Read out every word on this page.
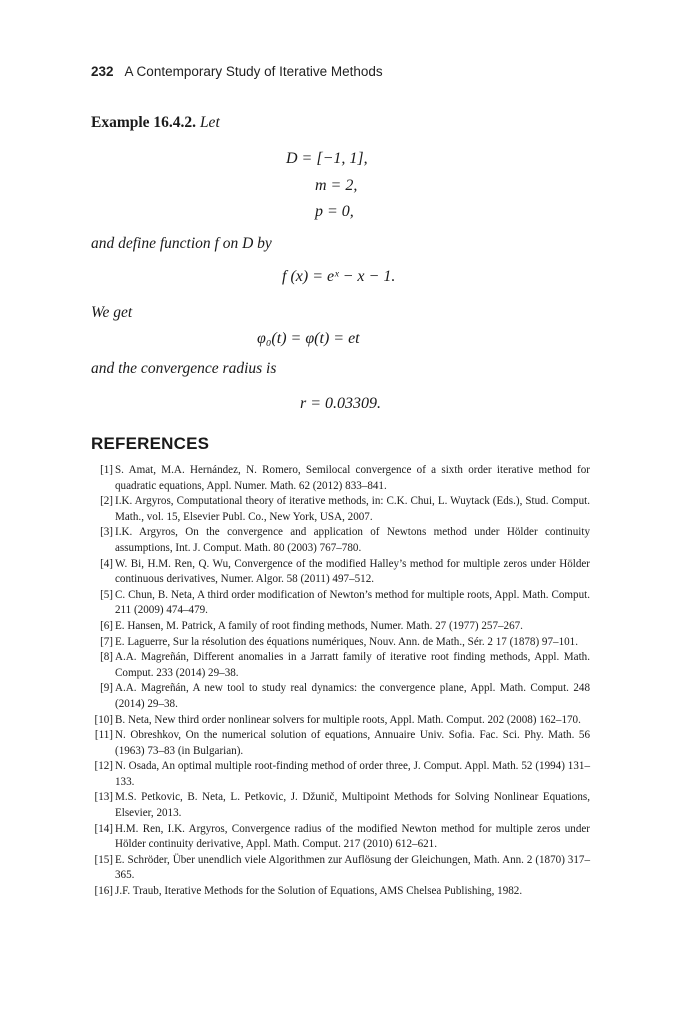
232 A Contemporary Study of Iterative Methods
Example 16.4.2. Let
D = [−1, 1],
m = 2,
p = 0,
and define function f on D by
f (x) = eˣ − x − 1.
We get
φ₀(t) = φ(t) = et
and the convergence radius is
r = 0.03309.
REFERENCES
[1] S. Amat, M.A. Hernández, N. Romero, Semilocal convergence of a sixth order iterative method for quadratic equations, Appl. Numer. Math. 62 (2012) 833–841.
[2] I.K. Argyros, Computational theory of iterative methods, in: C.K. Chui, L. Wuytack (Eds.), Stud. Comput. Math., vol. 15, Elsevier Publ. Co., New York, USA, 2007.
[3] I.K. Argyros, On the convergence and application of Newtons method under Hölder continuity assumptions, Int. J. Comput. Math. 80 (2003) 767–780.
[4] W. Bi, H.M. Ren, Q. Wu, Convergence of the modified Halley’s method for multiple zeros under Hölder continuous derivatives, Numer. Algor. 58 (2011) 497–512.
[5] C. Chun, B. Neta, A third order modification of Newton’s method for multiple roots, Appl. Math. Comput. 211 (2009) 474–479.
[6] E. Hansen, M. Patrick, A family of root finding methods, Numer. Math. 27 (1977) 257–267.
[7] E. Laguerre, Sur la résolution des équations numériques, Nouv. Ann. de Math., Sér. 2 17 (1878) 97–101.
[8] A.A. Magreñán, Different anomalies in a Jarratt family of iterative root finding methods, Appl. Math. Comput. 233 (2014) 29–38.
[9] A.A. Magreñán, A new tool to study real dynamics: the convergence plane, Appl. Math. Comput. 248 (2014) 29–38.
[10] B. Neta, New third order nonlinear solvers for multiple roots, Appl. Math. Comput. 202 (2008) 162–170.
[11] N. Obreshkov, On the numerical solution of equations, Annuaire Univ. Sofia. Fac. Sci. Phy. Math. 56 (1963) 73–83 (in Bulgarian).
[12] N. Osada, An optimal multiple root-finding method of order three, J. Comput. Appl. Math. 52 (1994) 131–133.
[13] M.S. Petkovic, B. Neta, L. Petkovic, J. Džunič, Multipoint Methods for Solving Nonlinear Equations, Elsevier, 2013.
[14] H.M. Ren, I.K. Argyros, Convergence radius of the modified Newton method for multiple zeros under Hölder continuity derivative, Appl. Math. Comput. 217 (2010) 612–621.
[15] E. Schröder, Über unendlich viele Algorithmen zur Auflösung der Gleichungen, Math. Ann. 2 (1870) 317–365.
[16] J.F. Traub, Iterative Methods for the Solution of Equations, AMS Chelsea Publishing, 1982.
